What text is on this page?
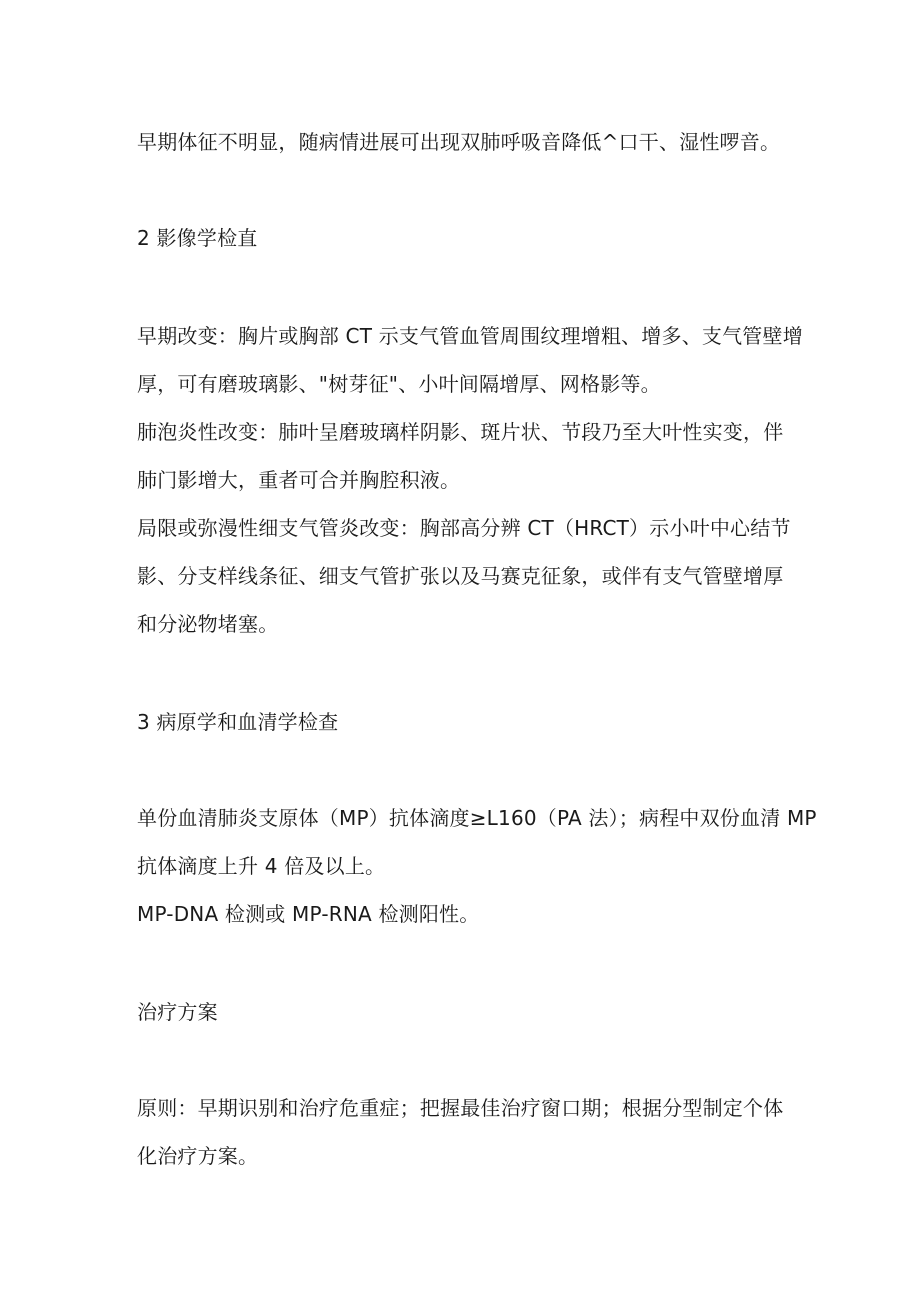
早期体征不明显，随病情进展可出现双肺呼吸音降低^口干、湿性啰音。
2 影像学检直
早期改变：胸片或胸部 CT 示支气管血管周围纹理增粗、增多、支气管壁增
厚，可有磨玻璃影、"树芽征"、小叶间隔增厚、网格影等。
肺泡炎性改变：肺叶呈磨玻璃样阴影、斑片状、节段乃至大叶性实变，伴
肺门影增大，重者可合并胸腔积液。
局限或弥漫性细支气管炎改变：胸部高分辨 CT（HRCT）示小叶中心结节
影、分支样线条征、细支气管扩张以及马赛克征象，或伴有支气管壁增厚
和分泌物堵塞。
3 病原学和血清学检查
单份血清肺炎支原体（MP）抗体滴度≥L160（PA 法）；病程中双份血清 MP
抗体滴度上升 4 倍及以上。
MP-DNA 检测或 MP-RNA 检测阳性。
治疗方案
原则：早期识别和治疗危重症；把握最佳治疗窗口期；根据分型制定个体
化治疗方案。
